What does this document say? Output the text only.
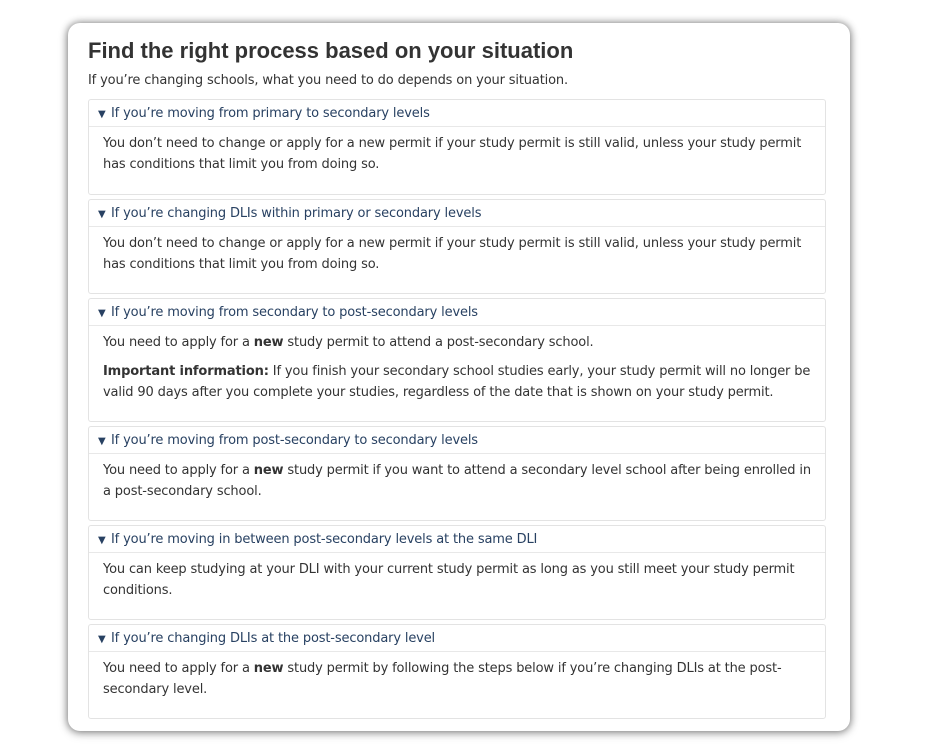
Find the right process based on your situation

If you’re changing schools, what you need to do depends on your situation.

▼ If you’re moving from primary to secondary levels

You don’t need to change or apply for a new permit if your study permit is still valid, unless your study permit has conditions that limit you from doing so.

▼ If you’re changing DLIs within primary or secondary levels

You don’t need to change or apply for a new permit if your study permit is still valid, unless your study permit has conditions that limit you from doing so.

▼ If you’re moving from secondary to post-secondary levels

You need to apply for a new study permit to attend a post-secondary school.

Important information: If you finish your secondary school studies early, your study permit will no longer be valid 90 days after you complete your studies, regardless of the date that is shown on your study permit.

▼ If you’re moving from post-secondary to secondary levels

You need to apply for a new study permit if you want to attend a secondary level school after being enrolled in a post-secondary school.

▼ If you’re moving in between post-secondary levels at the same DLI

You can keep studying at your DLI with your current study permit as long as you still meet your study permit conditions.

▼ If you’re changing DLIs at the post-secondary level

You need to apply for a new study permit by following the steps below if you’re changing DLIs at the post-secondary level.
